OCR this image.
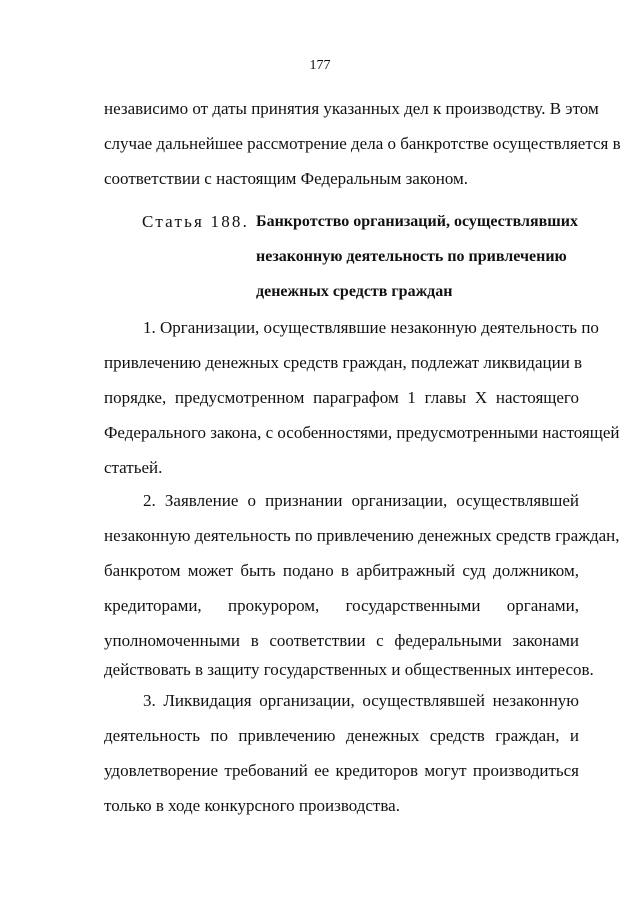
177
независимо от даты принятия указанных дел к производству. В этом
случае дальнейшее рассмотрение дела о банкротстве осуществляется в
соответствии с настоящим Федеральным законом.
Статья 188. Банкротство организаций, осуществлявших
незаконную деятельность по привлечению
денежных средств граждан
1. Организации, осуществлявшие незаконную деятельность по
привлечению денежных средств граждан, подлежат ликвидации в
порядке, предусмотренном параграфом 1 главы X настоящего
Федерального закона, с особенностями, предусмотренными настоящей
статьей.
2. Заявление о признании организации, осуществлявшей
незаконную деятельность по привлечению денежных средств граждан,
банкротом может быть подано в арбитражный суд должником,
кредиторами, прокурором, государственными органами,
уполномоченными в соответствии с федеральными законами
действовать в защиту государственных и общественных интересов.
3. Ликвидация организации, осуществлявшей незаконную
деятельность по привлечению денежных средств граждан, и
удовлетворение требований ее кредиторов могут производиться
только в ходе конкурсного производства.
